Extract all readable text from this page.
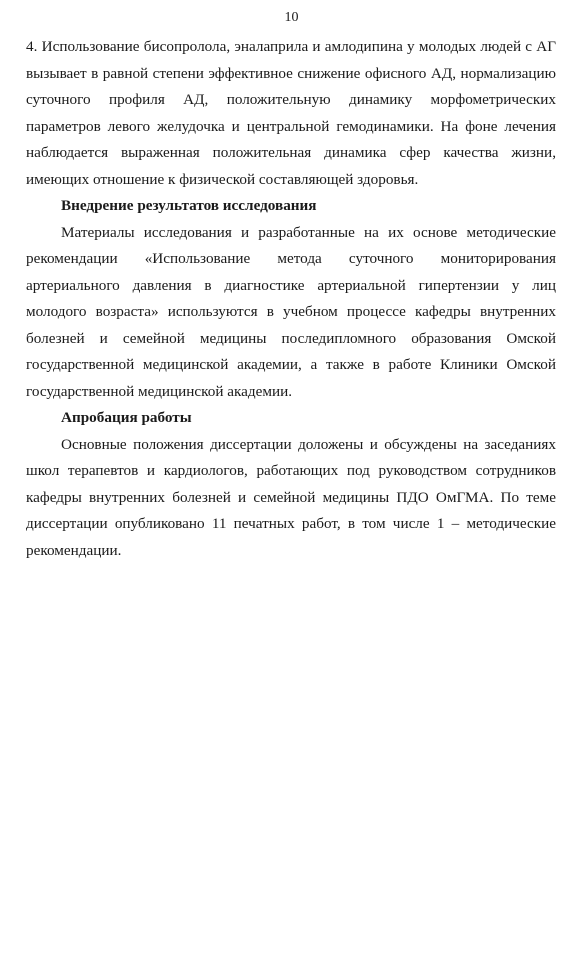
10

4. Использование бисопролола, эналаприла и амлодипина у молодых людей с АГ вызывает в равной степени эффективное снижение офисного АД, нормализацию суточного профиля АД, положительную динамику морфометрических параметров левого желудочка и центральной гемодинамики. На фоне лечения наблюдается выраженная положительная динамика сфер качества жизни, имеющих отношение к физической составляющей здоровья.

Внедрение результатов исследования

Материалы исследования и разработанные на их основе методические рекомендации «Использование метода суточного мониторирования артериального давления в диагностике артериальной гипертензии у лиц молодого возраста» используются в учебном процессе кафедры внутренних болезней и семейной медицины последипломного образования Омской государственной медицинской академии, а также в работе Клиники Омской государственной медицинской академии.

Апробация работы

Основные положения диссертации доложены и обсуждены на заседаниях школ терапевтов и кардиологов, работающих под руководством сотрудников кафедры внутренних болезней и семейной медицины ПДО ОмГМА. По теме диссертации опубликовано 11 печатных работ, в том числе 1 – методические рекомендации.
